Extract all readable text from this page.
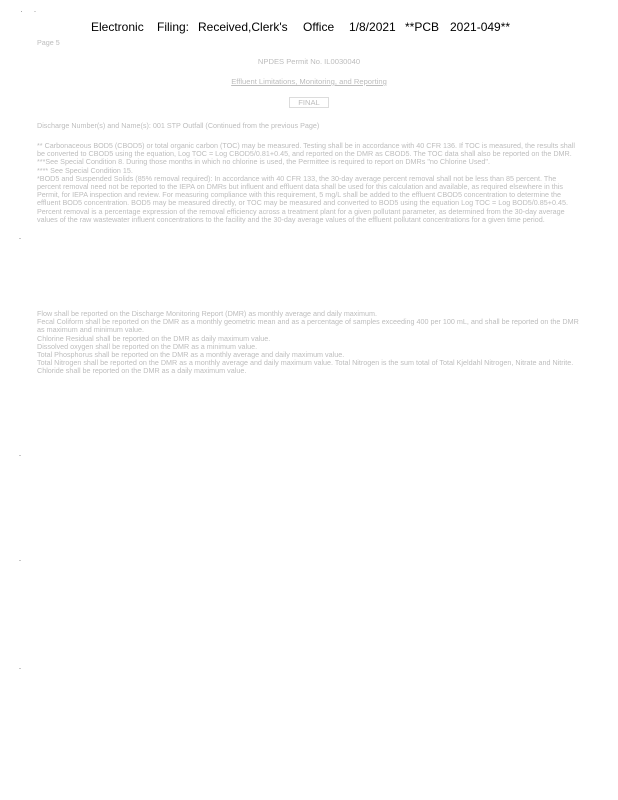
· ·
Electronic Filing: Received,Clerk's Office 1/8/2021 **PCB 2021-049**
Page 5
NPDES Permit No. IL0030040
Effluent Limitations, Monitoring, and Reporting
FINAL
Discharge Number(s) and Name(s): 001 STP Outfall (Continued from the previous Page)

** Carbonaceous BOD5 (CBOD5) or total organic carbon (TOC) may be measured. Testing shall be in accordance with 40 CFR 136. If TOC is measured, the results shall be converted to CBOD5 using the equation, Log TOC = Log CBOD5/0.81+0.45, and reported on the DMR as CBOD5. The TOC data shall also be reported on the DMR.

***See Special Condition 8. During those months in which no chlorine is used, the Permittee is required to report on DMRs "no Chlorine Used".

**** See Special Condition 15.

*BOD5 and Suspended Solids (85% removal required): In accordance with 40 CFR 133, the 30-day average percent removal shall not be less than 85 percent. The percent removal need not be reported to the IEPA on DMRs but influent and effluent data shall be used for this calculation and available, as required elsewhere in this Permit, for IEPA inspection and review. For measuring compliance with this requirement, 5 mg/L shall be added to the effluent CBOD5 concentration to determine the effluent BOD5 concentration. BOD5 may be measured directly, or TOC may be measured and converted to BOD5 using the equation Log TOC = Log BOD5/0.85+0.45. Percent removal is a percentage expression of the removal efficiency across a treatment plant for a given pollutant parameter, as determined from the 30-day average values of the raw wastewater influent concentrations to the facility and the 30-day average values of the effluent pollutant concentrations for a given time period.

Flow shall be reported on the Discharge Monitoring Report (DMR) as monthly average and daily maximum.

Fecal Coliform shall be reported on the DMR as a monthly geometric mean and as a percentage of samples exceeding 400 per 100 mL, and shall be reported on the DMR as maximum and minimum value.

Chlorine Residual shall be reported on the DMR as daily maximum value.

Dissolved oxygen shall be reported on the DMR as a minimum value.

Total Phosphorus shall be reported on the DMR as a monthly average and daily maximum value.

Total Nitrogen shall be reported on the DMR as a monthly average and daily maximum value. Total Nitrogen is the sum total of Total Kjeldahl Nitrogen, Nitrate and Nitrite.

Chloride shall be reported on the DMR as a daily maximum value.
